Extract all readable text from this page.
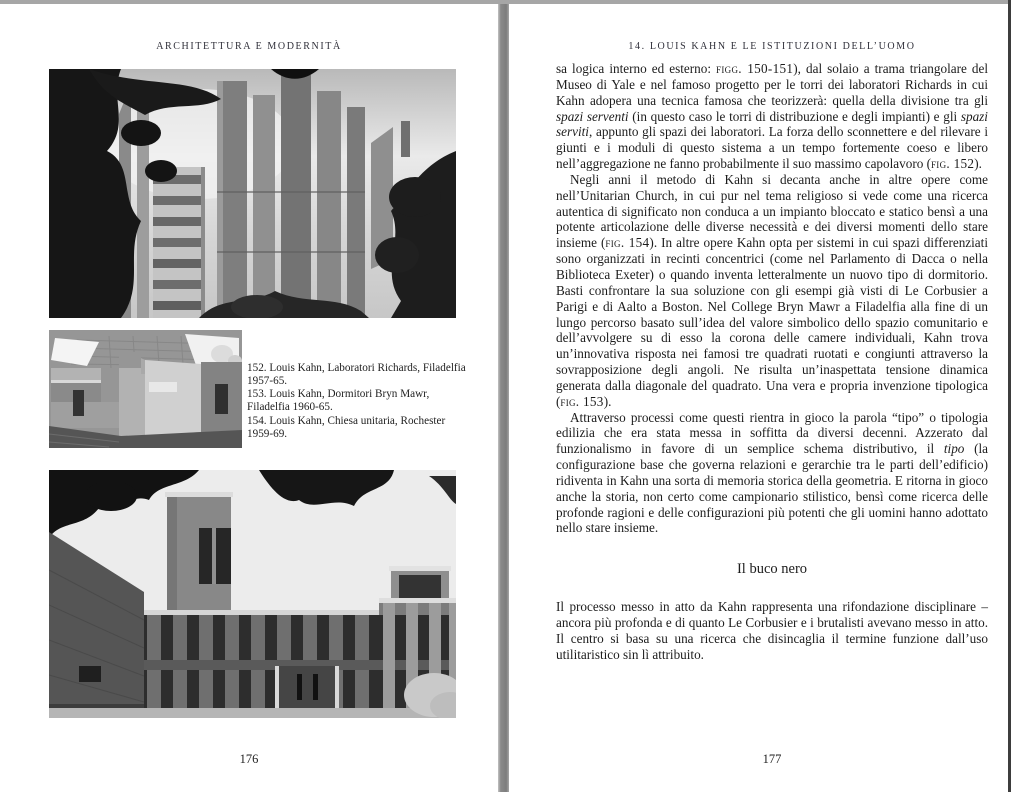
ARCHITETTURA E MODERNITÀ

152. Louis Kahn, Laboratori Richards, Filadelfia 1957-65.

153. Louis Kahn, Dormitori Bryn Mawr, Filadelfia 1960-65.

154. Louis Kahn, Chiesa unitaria, Rochester 1959-69.

176
14. LOUIS KAHN E LE ISTITUZIONI DELL’UOMO

sa logica interno ed esterno: figg. 150-151), dal solaio a trama triangolare del Museo di Yale e nel famoso progetto per le torri dei laboratori Richards in cui Kahn adopera una tecnica famosa che teorizzerà: quella della divisione tra gli spazi serventi (in questo caso le torri di distribuzione e degli impianti) e gli spazi serviti, appunto gli spazi dei laboratori. La forza dello sconnettere e del rilevare i giunti e i moduli di questo sistema a un tempo fortemente coeso e libero nell’aggregazione ne fanno probabilmente il suo massimo capolavoro (fig. 152).

Negli anni il metodo di Kahn si decanta anche in altre opere come nell’Unitarian Church, in cui pur nel tema religioso si vede come una ricerca autentica di significato non conduca a un impianto bloccato e statico bensì a una potente articolazione delle diverse necessità e dei diversi momenti dello stare insieme (fig. 154). In altre opere Kahn opta per sistemi in cui spazi differenziati sono organizzati in recinti concentrici (come nel Parlamento di Dacca o nella Biblioteca Exeter) o quando inventa letteralmente un nuovo tipo di dormitorio. Basti confrontare la sua soluzione con gli esempi già visti di Le Corbusier a Parigi e di Aalto a Boston. Nel College Bryn Mawr a Filadelfia alla fine di un lungo percorso basato sull’idea del valore simbolico dello spazio comunitario e dell’avvolgere su di esso la corona delle camere individuali, Kahn trova un’innovativa risposta nei famosi tre quadrati ruotati e congiunti attraverso la sovrapposizione degli angoli. Ne risulta un’inaspettata tensione dinamica generata dalla diagonale del quadrato. Una vera e propria invenzione tipologica (fig. 153).

Attraverso processi come questi rientra in gioco la parola “tipo” o tipologia edilizia che era stata messa in soffitta da diversi decenni. Azzerato dal funzionalismo in favore di un semplice schema distributivo, il tipo (la configurazione base che governa relazioni e gerarchie tra le parti dell’edificio) ridiventa in Kahn una sorta di memoria storica della geometria. E ritorna in gioco anche la storia, non certo come campionario stilistico, bensì come ricerca delle profonde ragioni e delle configurazioni più potenti che gli uomini hanno adottato nello stare insieme.

Il buco nero

Il processo messo in atto da Kahn rappresenta una rifondazione disciplinare – ancora più profonda e di quanto Le Corbusier e i brutalisti avevano messo in atto. Il centro si basa su una ricerca che disincaglia il termine funzione dall’uso utilitaristico sin lì attribuito.

177
